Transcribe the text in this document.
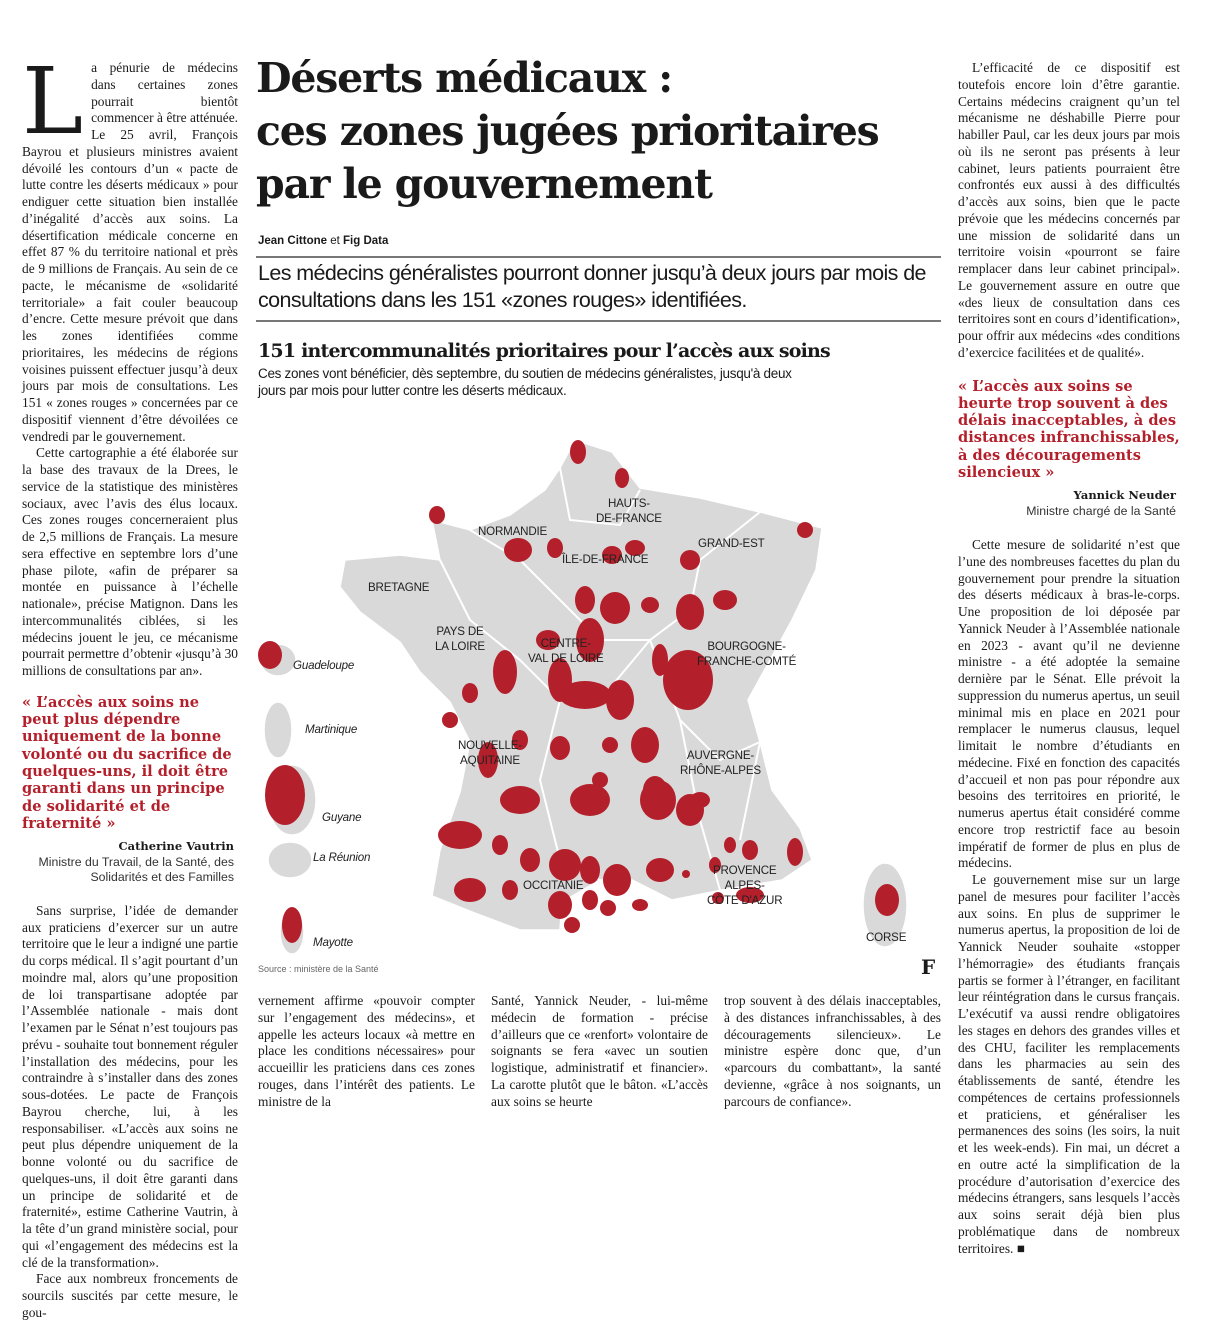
L a pénurie de médecins dans certaines zones pourrait bientôt commencer à être atténuée. Le 25 avril, François Bayrou et plusieurs ministres avaient dévoilé les contours d’un « pacte de lutte contre les déserts médicaux » pour endiguer cette situation bien installée d’inégalité d’accès aux soins. La désertification médicale concerne en effet 87 % du territoire national et près de 9 millions de Français. Au sein de ce pacte, le mécanisme de «solidarité territoriale» a fait couler beaucoup d’encre. Cette mesure prévoit que dans les zones identifiées comme prioritaires, les médecins de régions voisines puissent effectuer jusqu’à deux jours par mois de consultations. Les 151 « zones rouges » concernées par ce dispositif viennent d’être dévoilées ce vendredi par le gouvernement.

Cette cartographie a été élaborée sur la base des travaux de la Drees, le service de la statistique des ministères sociaux, avec l’avis des élus locaux. Ces zones rouges concerneraient plus de 2,5 millions de Français. La mesure sera effective en septembre lors d’une phase pilote, «afin de préparer sa montée en puissance à l’échelle nationale», précise Matignon. Dans les intercommunalités ciblées, si les médecins jouent le jeu, ce mécanisme pourrait permettre d’obtenir «jusqu’à 30 millions de consultations par an».

« L’accès aux soins ne peut plus dépendre uniquement de la bonne volonté ou du sacrifice de quelques-uns, il doit être garanti dans un principe de solidarité et de fraternité »
Catherine Vautrin
Ministre du Travail, de la Santé, des Solidarités et des Familles

Sans surprise, l’idée de demander aux praticiens d’exercer sur un autre territoire que le leur a indigné une partie du corps médical. Il s’agit pourtant d’un moindre mal, alors qu’une proposition de loi transpartisane adoptée par l’Assemblée nationale - mais dont l’examen par le Sénat n’est toujours pas prévu - souhaite tout bonnement réguler l’installation des médecins, pour les contraindre à s’installer dans des zones sous-dotées. Le pacte de François Bayrou cherche, lui, à les responsabiliser. «L’accès aux soins ne peut plus dépendre uniquement de la bonne volonté ou du sacrifice de quelques-uns, il doit être garanti dans un principe de solidarité et de fraternité», estime Catherine Vautrin, à la tête d’un grand ministère social, pour qui «l’engagement des médecins est la clé de la transformation».

Face aux nombreux froncements de sourcils suscités par cette mesure, le gou-

Déserts médicaux :
ces zones jugées prioritaires
par le gouvernement
Jean Cittone et Fig Data

Les médecins généralistes pourront donner jusqu’à deux jours par mois de consultations dans les 151 «zones rouges» identifiées.

151 intercommunalités prioritaires pour l’accès aux soins
Ces zones vont bénéficier, dès septembre, du soutien de médecins généralistes, jusqu'à deux jours par mois pour lutter contre les déserts médicaux.
HAUTS-
DE-FRANCE
NORMANDIE
ÎLE-DE-FRANCE
GRAND-EST
BRETAGNE
PAYS DE
LA LOIRE	CENTRE-
VAL DE LOIRE
BOURGOGNE-
FRANCHE-COMTÉ
NOUVELLE-
AQUITAINE	AUVERGNE-
RHÔNE-ALPES
OCCITANIE
PROVENCE
ALPES-
CÔTE D'AZUR
CORSE
Guadeloupe
Martinique
Guyane
La Réunion
Mayotte
Source : ministère de la Santé	F

vernement affirme «pouvoir compter sur l’engagement des médecins», et appelle les acteurs locaux «à mettre en place les conditions nécessaires» pour accueillir les praticiens dans ces zones rouges, dans l’intérêt des patients. Le ministre de la

Santé, Yannick Neuder, - lui-même médecin de formation - précise d’ailleurs que ce «renfort» volontaire de soignants se fera «avec un soutien logistique, administratif et financier». La carotte plutôt que le bâton. «L’accès aux soins se heurte

trop souvent à des délais inacceptables, à des distances infranchissables, à des découragements silencieux». Le ministre espère donc que, d’un «parcours du combattant», la santé devienne, «grâce à nos soignants, un parcours de confiance».

L’efficacité de ce dispositif est toutefois encore loin d’être garantie. Certains médecins craignent qu’un tel mécanisme ne déshabille Pierre pour habiller Paul, car les deux jours par mois où ils ne seront pas présents à leur cabinet, leurs patients pourraient être confrontés eux aussi à des difficultés d’accès aux soins, bien que le pacte prévoie que les médecins concernés par une mission de solidarité dans un territoire voisin «pourront se faire remplacer dans leur cabinet principal». Le gouvernement assure en outre que «des lieux de consultation dans ces territoires sont en cours d’identification», pour offrir aux médecins «des conditions d’exercice facilitées et de qualité».

« L’accès aux soins se heurte trop souvent à des délais inacceptables, à des distances infranchissables, à des découragements silencieux »
Yannick Neuder
Ministre chargé de la Santé

Cette mesure de solidarité n’est que l’une des nombreuses facettes du plan du gouvernement pour prendre la situation des déserts médicaux à bras-le-corps. Une proposition de loi déposée par Yannick Neuder à l’Assemblée nationale en 2023 - avant qu’il ne devienne ministre - a été adoptée la semaine dernière par le Sénat. Elle prévoit la suppression du numerus apertus, un seuil minimal mis en place en 2021 pour remplacer le numerus clausus, lequel limitait le nombre d’étudiants en médecine. Fixé en fonction des capacités d’accueil et non pas pour répondre aux besoins des territoires en priorité, le numerus apertus était considéré comme encore trop restrictif face au besoin impératif de former de plus en plus de médecins.

Le gouvernement mise sur un large panel de mesures pour faciliter l’accès aux soins. En plus de supprimer le numerus apertus, la proposition de loi de Yannick Neuder souhaite «stopper l’hémorragie» des étudiants français partis se former à l’étranger, en facilitant leur réintégration dans le cursus français. L’exécutif va aussi rendre obligatoires les stages en dehors des grandes villes et des CHU, faciliter les remplacements dans les pharmacies au sein des établissements de santé, étendre les compétences de certains professionnels et praticiens, et généraliser les permanences des soins (les soirs, la nuit et les week-ends). Fin mai, un décret a en outre acté la simplification de la procédure d’autorisation d’exercice des médecins étrangers, sans lesquels l’accès aux soins serait déjà bien plus problématique dans de nombreux territoires. ■
